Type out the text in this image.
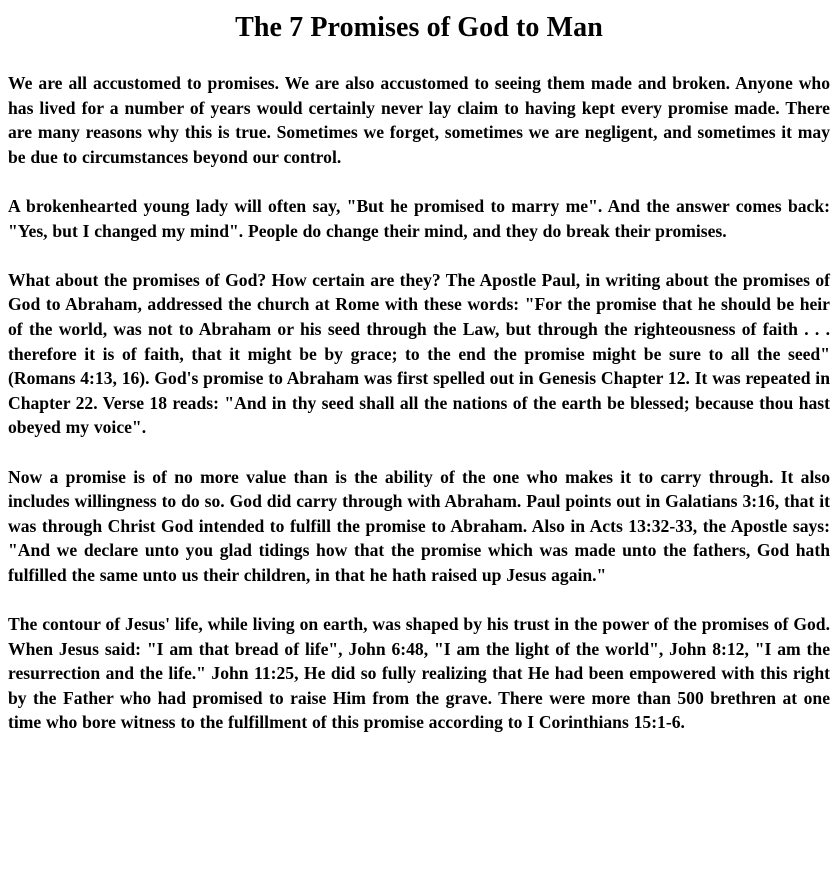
The 7 Promises of God to Man

We are all accustomed to promises. We are also accustomed to seeing them made and broken. Anyone who has lived for a number of years would certainly never lay claim to having kept every promise made. There are many reasons why this is true. Sometimes we forget, sometimes we are negligent, and sometimes it may be due to circumstances beyond our control.

A brokenhearted young lady will often say, "But he promised to marry me". And the answer comes back: "Yes, but I changed my mind". People do change their mind, and they do break their promises.

What about the promises of God? How certain are they? The Apostle Paul, in writing about the promises of God to Abraham, addressed the church at Rome with these words: "For the promise that he should be heir of the world, was not to Abraham or his seed through the Law, but through the righteousness of faith . . . therefore it is of faith, that it might be by grace; to the end the promise might be sure to all the seed" (Romans 4:13, 16). God's promise to Abraham was first spelled out in Genesis Chapter 12. It was repeated in Chapter 22. Verse 18 reads: "And in thy seed shall all the nations of the earth be blessed; because thou hast obeyed my voice".

Now a promise is of no more value than is the ability of the one who makes it to carry through. It also includes willingness to do so. God did carry through with Abraham. Paul points out in Galatians 3:16, that it was through Christ God intended to fulfill the promise to Abraham. Also in Acts 13:32-33, the Apostle says: "And we declare unto you glad tidings how that the promise which was made unto the fathers, God hath fulfilled the same unto us their children, in that he hath raised up Jesus again."

The contour of Jesus' life, while living on earth, was shaped by his trust in the power of the promises of God. When Jesus said: "I am that bread of life", John 6:48, "I am the light of the world", John 8:12, "I am the resurrection and the life." John 11:25, He did so fully realizing that He had been empowered with this right by the Father who had promised to raise Him from the grave. There were more than 500 brethren at one time who bore witness to the fulfillment of this promise according to I Corinthians 15:1-6.
